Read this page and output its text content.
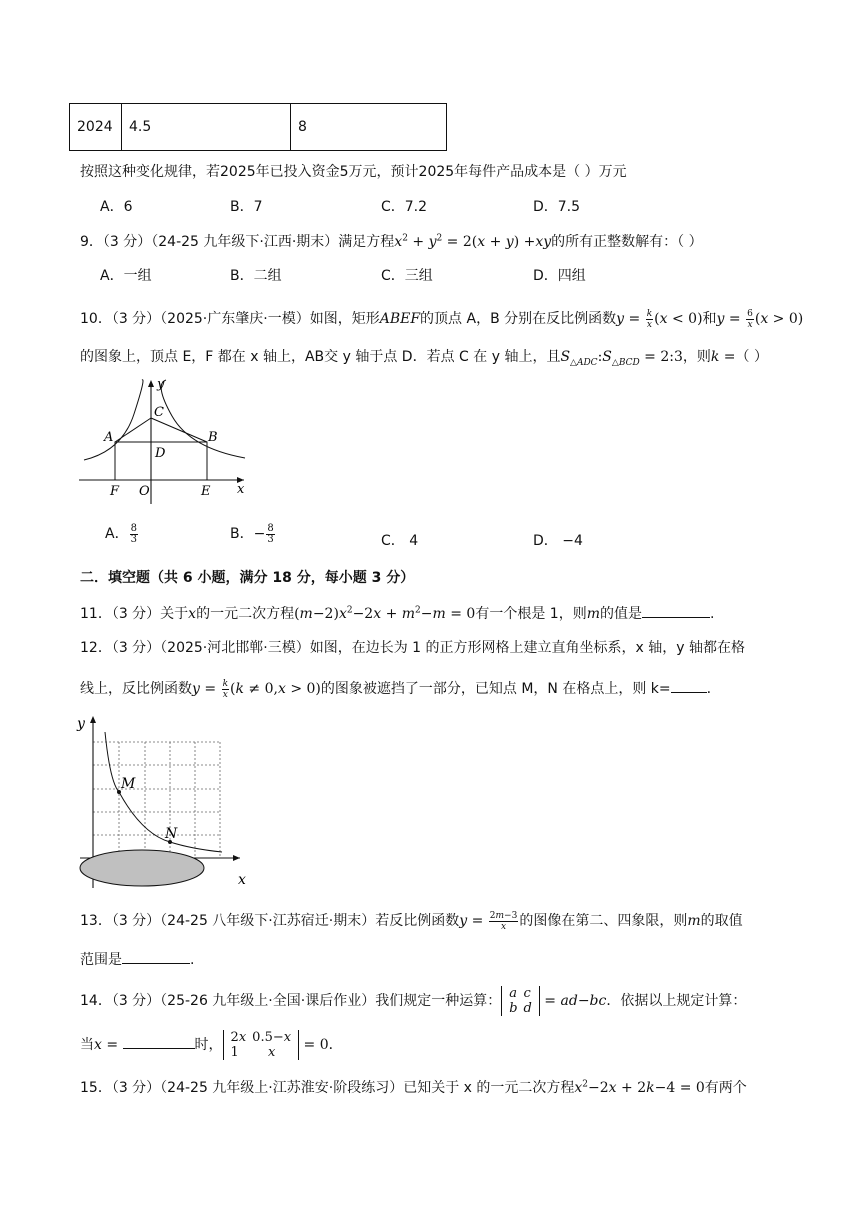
2024	4.5	8
按照这种变化规律，若2025年已投入资金5万元，预计2025年每件产品成本是（ ）万元
A．6	B．7	C．7.2	D．7.5
9．（3 分）（24-25 九年级下·江西·期末）满足方程$x^2 + y^2 = 2(x + y) +xy$的所有正整数解有：（ ）
A．一组	B．二组	C．三组	D．四组
10．（3 分）（2025·广东肇庆·一模）如图，矩形ABEF的顶点 A，B 分别在反比例函数$y = \frac{k}{x} (x < 0)$和$y = \frac{6}{x} (x > 0)$
的图象上，顶点 E，F 都在 x 轴上，AB交 y 轴于点 D．若点 C 在 y 轴上，且$S_{\triangle ADC}:S_{\triangle BCD}$ = 2:3，则k =（ ）
y
x
C
A	B
D
F O	E
A． $\frac{8}{3}$	B．− $\frac{8}{3}$	C． 4	D． −4
二．填空题（共 6 小题，满分 18 分，每小题 3 分）
11．（3 分）关于x的一元二次方程$(m-2)x^2-2x + m^2-m = 0$有一个根是 1，则m的值是	.
12．（3 分）（2025·河北邯郸·三模）如图，在边长为 1 的正方形网格上建立直角坐标系，x 轴，y 轴都在格
线上，反比例函数$y = \frac{k}{x} (k \ne 0,x > 0)$的图象被遮挡了一部分，已知点 M，N 在格点上，则 k=	.
M
N
y
x
13．（3 分）（24-25 八年级下·江苏宿迁·期末）若反比例函数$y = \frac{2m-3}{x}$ 的图像在第二、四象限，则m的取值
范围是	.
14．（3 分）（25-26 九年级上·全国·课后作业）我们规定一种运算： a	c
b	d = ad−bc．依据以上规定计算：
当x =	时， 2x	0.5−x
1	x = 0．
15．（3 分）（24-25 九年级上·江苏淮安·阶段练习）已知关于 x 的一元二次方程$x^2-2x + 2k-4 = 0$有两个
